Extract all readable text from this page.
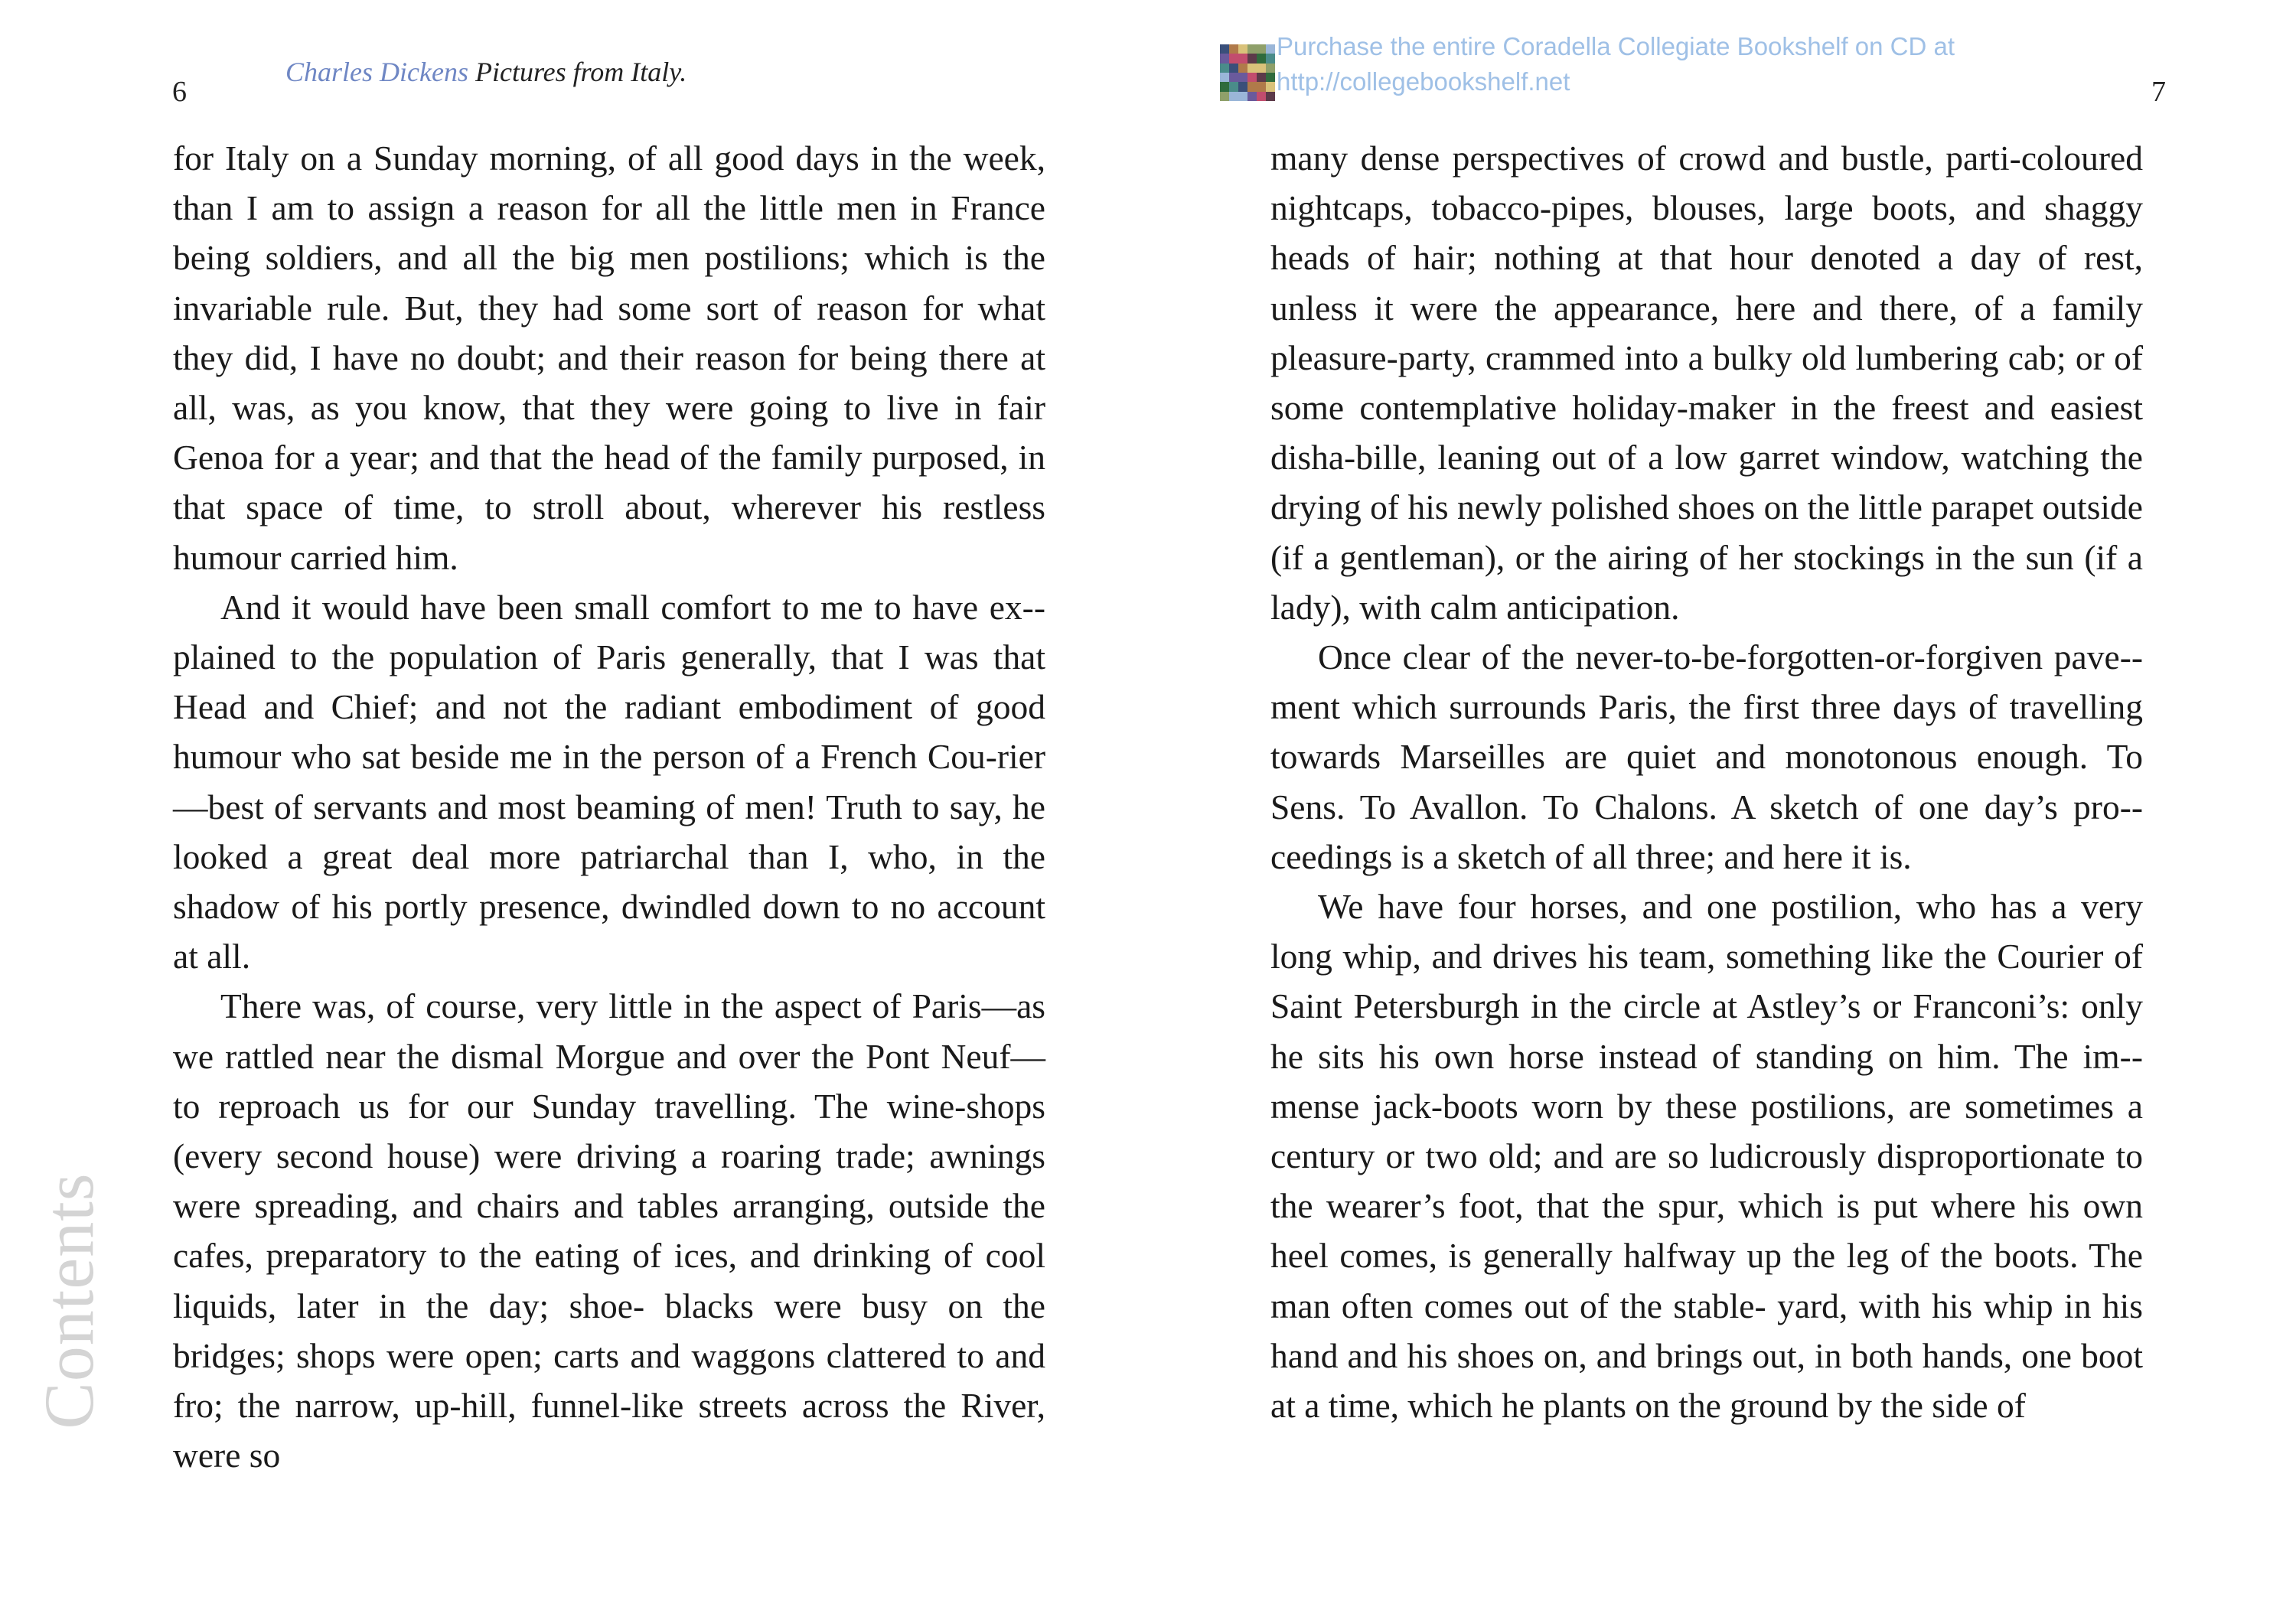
6
Charles Dickens Pictures from Italy.

for Italy on a Sunday morning, of all good days in the week, than I am to assign a reason for all the little men in France being soldiers, and all the big men postilions; which is the invariable rule. But, they had some sort of reason for what they did, I have no doubt; and their reason for being there at all, was, as you know, that they were going to live in fair Genoa for a year; and that the head of the family purposed, in that space of time, to stroll about, wherever his restless humour carried him.

And it would have been small comfort to me to have ex-plained to the population of Paris generally, that I was that Head and Chief; and not the radiant embodiment of good humour who sat beside me in the person of a French Cou-rier—best of servants and most beaming of men! Truth to say, he looked a great deal more patriarchal than I, who, in the shadow of his portly presence, dwindled down to no account at all.

There was, of course, very little in the aspect of Paris—as we rattled near the dismal Morgue and over the Pont Neuf— to reproach us for our Sunday travelling. The wine-shops (every second house) were driving a roaring trade; awnings were spreading, and chairs and tables arranging, outside the cafes, preparatory to the eating of ices, and drinking of cool liquids, later in the day; shoe- blacks were busy on the bridges; shops were open; carts and waggons clattered to and fro; the narrow, up-hill, funnel-like streets across the River, were so

Contents
Purchase the entire Coradella Collegiate Bookshelf on CD at
http://collegebookshelf.net	7

many dense perspectives of crowd and bustle, parti-coloured nightcaps, tobacco-pipes, blouses, large boots, and shaggy heads of hair; nothing at that hour denoted a day of rest, unless it were the appearance, here and there, of a family pleasure-party, crammed into a bulky old lumbering cab; or of some contemplative holiday-maker in the freest and easiest disha-bille, leaning out of a low garret window, watching the drying of his newly polished shoes on the little parapet outside (if a gentleman), or the airing of her stockings in the sun (if a lady), with calm anticipation.

Once clear of the never-to-be-forgotten-or-forgiven pave-ment which surrounds Paris, the first three days of travelling towards Marseilles are quiet and monotonous enough. To Sens. To Avallon. To Chalons. A sketch of one day’s pro-ceedings is a sketch of all three; and here it is.

We have four horses, and one postilion, who has a very long whip, and drives his team, something like the Courier of Saint Petersburgh in the circle at Astley’s or Franconi’s: only he sits his own horse instead of standing on him. The im-mense jack-boots worn by these postilions, are sometimes a century or two old; and are so ludicrously disproportionate to the wearer’s foot, that the spur, which is put where his own heel comes, is generally halfway up the leg of the boots. The man often comes out of the stable- yard, with his whip in his hand and his shoes on, and brings out, in both hands, one boot at a time, which he plants on the ground by the side of
